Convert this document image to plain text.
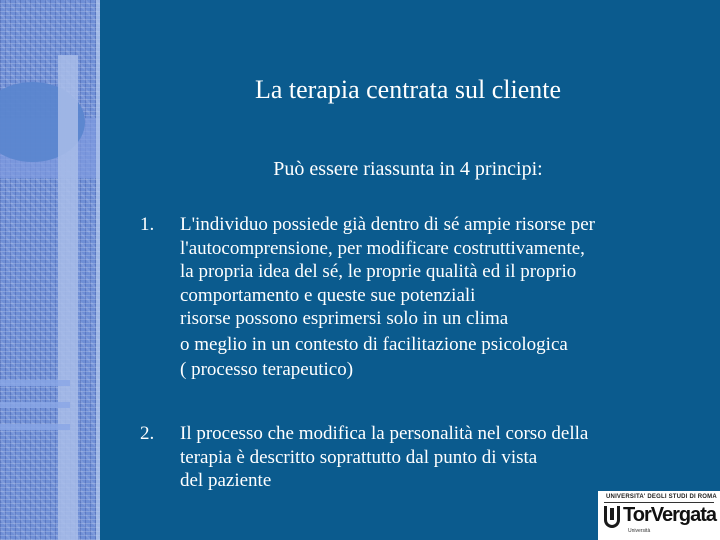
La terapia centrata sul cliente
Può essere riassunta in 4 principi:
1.	L'individuo possiede già dentro di sé ampie risorse per
l'autocomprensione, per modificare costruttivamente,
la propria idea del sé, le proprie qualità ed il proprio
comportamento e queste sue potenziali
risorse possono esprimersi solo in un clima
o meglio in un contesto di facilitazione psicologica
( processo terapeutico)
2.	Il processo che modifica la personalità nel corso della
terapia è descritto soprattutto dal punto di vista
del paziente
UNIVERSITA' DEGLI STUDI DI ROMA
TorVergata
Università
